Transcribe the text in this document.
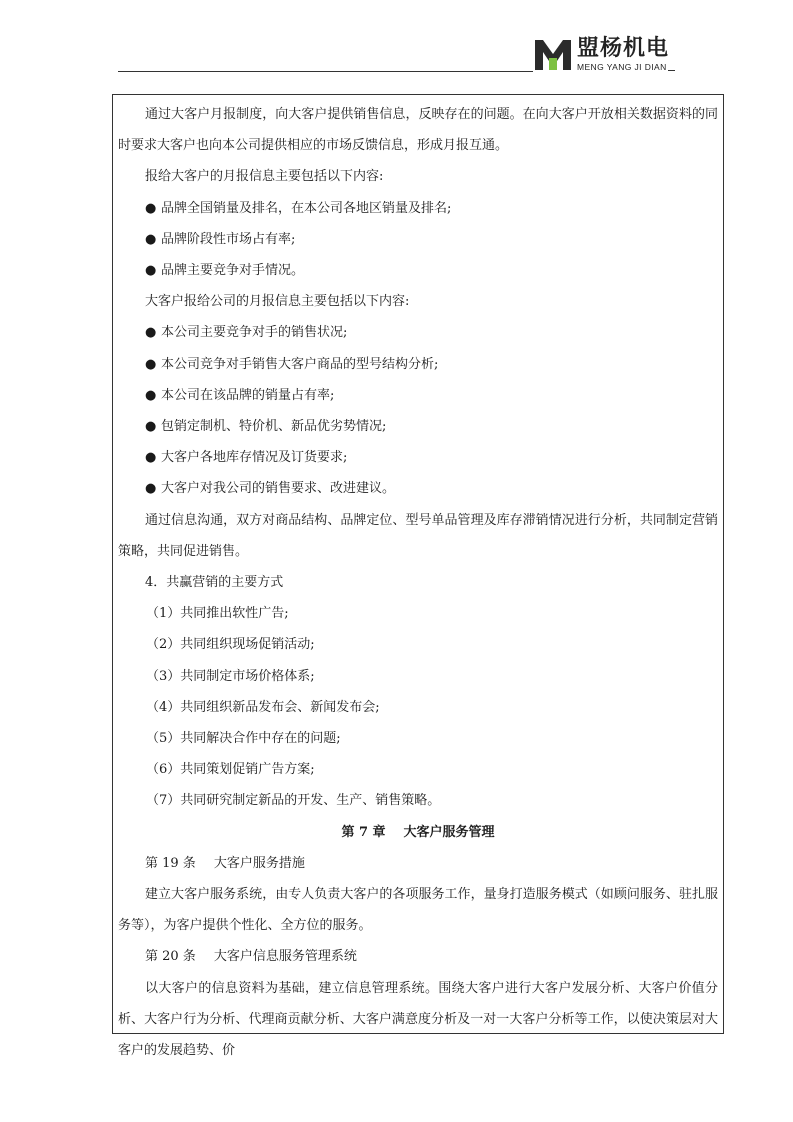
盟杨机电
MENG YANG JI DIAN

通过大客户月报制度，向大客户提供销售信息，反映存在的问题。在向大客户开放相关数据资料的同时要求大客户也向本公司提供相应的市场反馈信息，形成月报互通。

报给大客户的月报信息主要包括以下内容:

● 品牌全国销量及排名，在本公司各地区销量及排名;

● 品牌阶段性市场占有率;

● 品牌主要竞争对手情况。

大客户报给公司的月报信息主要包括以下内容:

● 本公司主要竞争对手的销售状况;

● 本公司竞争对手销售大客户商品的型号结构分析;

● 本公司在该品牌的销量占有率;

● 包销定制机、特价机、新品优劣势情况;

● 大客户各地库存情况及订货要求;

● 大客户对我公司的销售要求、改进建议。

通过信息沟通，双方对商品结构、品牌定位、型号单品管理及库存滞销情况进行分析，共同制定营销策略，共同促进销售。

4．共赢营销的主要方式

（1）共同推出软性广告;

（2）共同组织现场促销活动;

（3）共同制定市场价格体系;

（4）共同组织新品发布会、新闻发布会;

（5）共同解决合作中存在的问题;

（6）共同策划促销广告方案;

（7）共同研究制定新品的开发、生产、销售策略。

第 7 章 大客户服务管理

第 19 条 大客户服务措施

建立大客户服务系统，由专人负责大客户的各项服务工作，量身打造服务模式（如顾问服务、驻扎服务等），为客户提供个性化、全方位的服务。

第 20 条 大客户信息服务管理系统

以大客户的信息资料为基础，建立信息管理系统。围绕大客户进行大客户发展分析、大客户价值分析、大客户行为分析、代理商贡献分析、大客户满意度分析及一对一大客户分析等工作，以使决策层对大客户的发展趋势、价
